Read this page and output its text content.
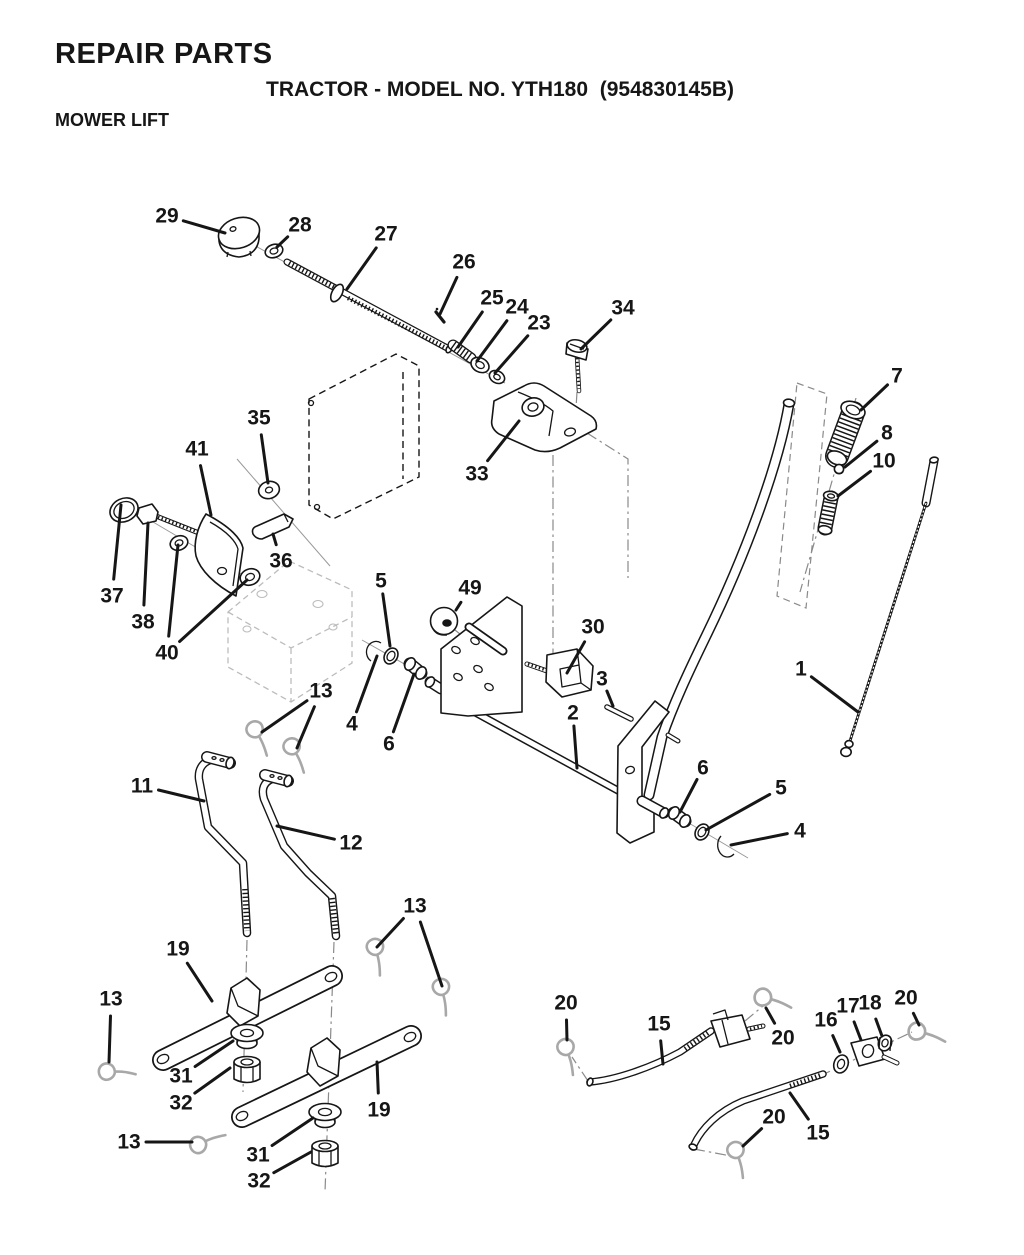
REPAIR PARTS
TRACTOR - MODEL NO. YTH180  (954830145B)
MOWER LIFT
29	28	27
26
25 24
23
34
33
7
8
10
35
41
36
37
38
40
5	49
30
3
2
1
13
11
12
6
5
4
4
6
13
19
13
31
32	19
13
31
32
20
15
20
16
17
18 20
20
15
